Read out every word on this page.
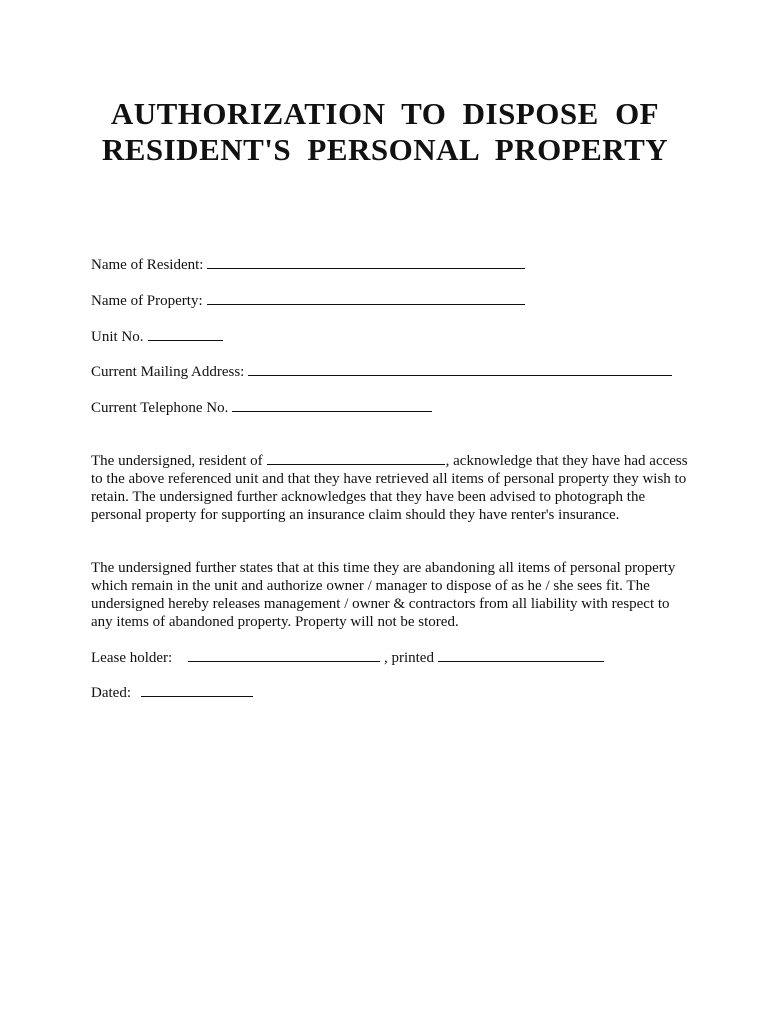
AUTHORIZATION TO DISPOSE OF
RESIDENT'S PERSONAL PROPERTY
Name of Resident:
Name of Property:
Unit No.
Current Mailing Address:
Current Telephone No.

The undersigned, resident of	, acknowledge that they have had access to the above referenced unit and that they have retrieved all items of personal property they wish to retain. The undersigned further acknowledges that they have been advised to photograph the personal property for supporting an insurance claim should they have renter's insurance.

The undersigned further states that at this time they are abandoning all items of personal property which remain in the unit and authorize owner / manager to dispose of as he / she sees fit. The undersigned hereby releases management / owner & contractors from all liability with respect to any items of abandoned property. Property will not be stored.

Lease holder:	, printed
Dated:
